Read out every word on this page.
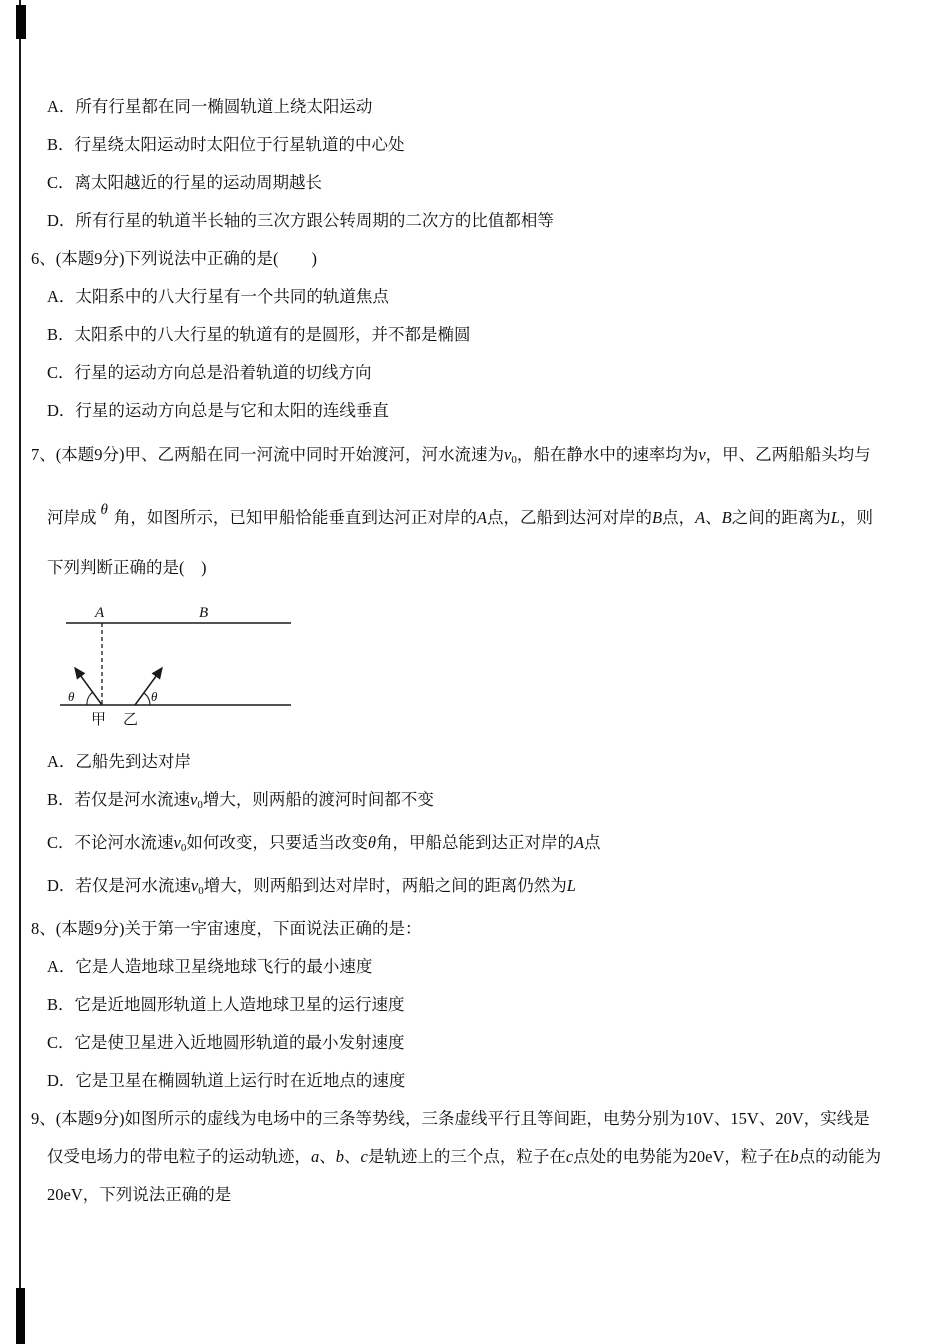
A．所有行星都在同一椭圆轨道上绕太阳运动
B．行星绕太阳运动时太阳位于行星轨道的中心处
C．离太阳越近的行星的运动周期越长
D．所有行星的轨道半长轴的三次方跟公转周期的二次方的比值都相等
6、(本题9分)下列说法中正确的是(　　)
A．太阳系中的八大行星有一个共同的轨道焦点
B．太阳系中的八大行星的轨道有的是圆形，并不都是椭圆
C．行星的运动方向总是沿着轨道的切线方向
D．行星的运动方向总是与它和太阳的连线垂直
7、(本题9分)甲、乙两船在同一河流中同时开始渡河，河水流速为v0，船在静水中的速率均为v，甲、乙两船船头均与
河岸成 θ 角，如图所示，已知甲船恰能垂直到达河正对岸的A点，乙船到达河对岸的B点，A、B之间的距离为L，则
下列判断正确的是(　)
A	B
θ	θ
甲 乙
A．乙船先到达对岸
B．若仅是河水流速v0增大，则两船的渡河时间都不变
C．不论河水流速v0如何改变，只要适当改变θ角，甲船总能到达正对岸的A点
D．若仅是河水流速v0增大，则两船到达对岸时，两船之间的距离仍然为L
8、(本题9分)关于第一宇宙速度，下面说法正确的是：
A．它是人造地球卫星绕地球飞行的最小速度
B．它是近地圆形轨道上人造地球卫星的运行速度
C．它是使卫星进入近地圆形轨道的最小发射速度
D．它是卫星在椭圆轨道上运行时在近地点的速度
9、(本题9分)如图所示的虚线为电场中的三条等势线，三条虚线平行且等间距，电势分别为10V、15V、20V，实线是
仅受电场力的带电粒子的运动轨迹，a、b、c是轨迹上的三个点，粒子在c点处的电势能为20eV，粒子在b点的动能为
20eV，下列说法正确的是
